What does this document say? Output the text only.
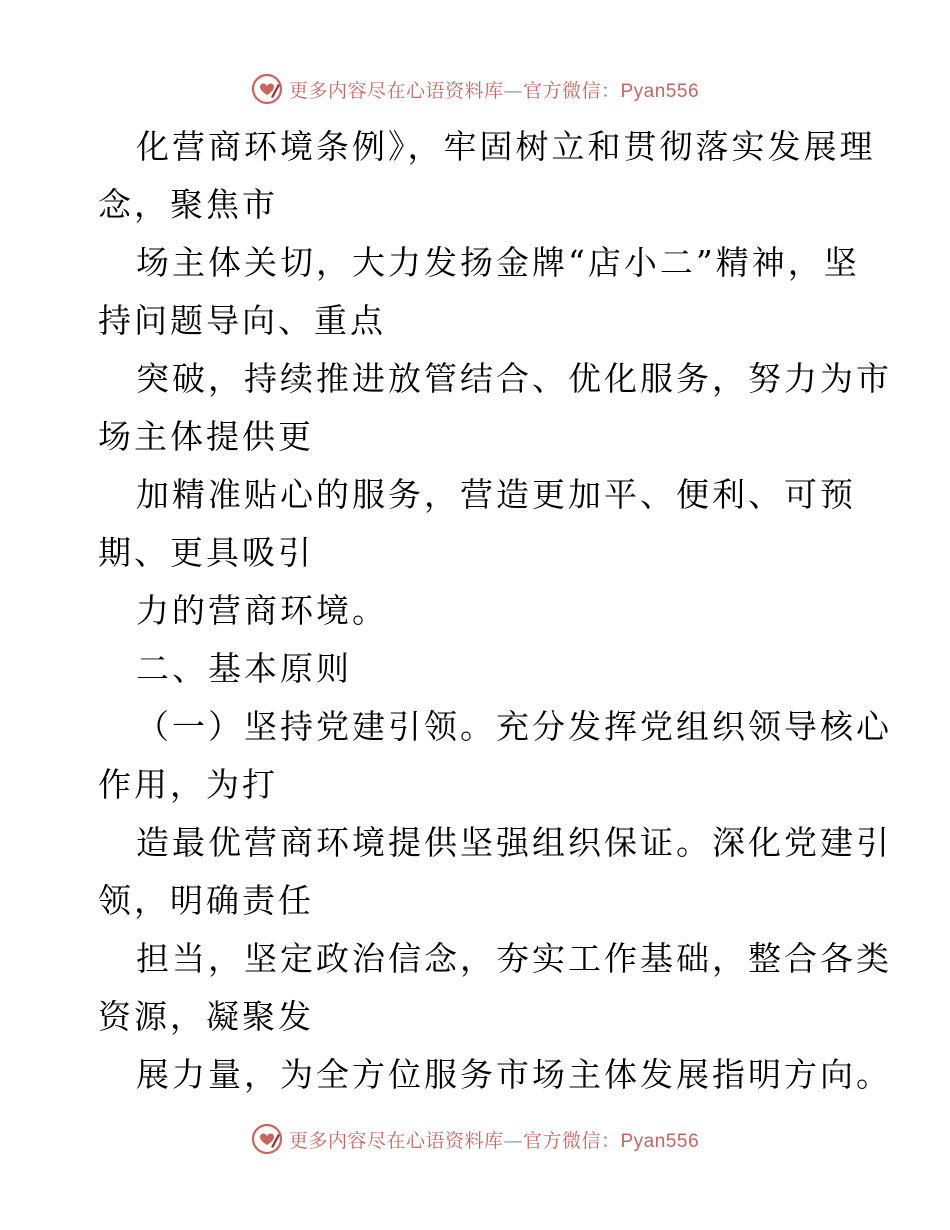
更多内容尽在心语资料库—官方微信：Pyan556
化营商环境条例》，牢固树立和贯彻落实发展理
念，聚焦市
场主体关切，大力发扬金牌“店小二”精神，坚
持问题导向、重点
突破，持续推进放管结合、优化服务，努力为市
场主体提供更
加精准贴心的服务，营造更加平、便利、可预
期、更具吸引
力的营商环境。
二、基本原则
（一）坚持党建引领。充分发挥党组织领导核心
作用，为打
造最优营商环境提供坚强组织保证。深化党建引
领，明确责任
担当，坚定政治信念，夯实工作基础，整合各类
资源，凝聚发
展力量，为全方位服务市场主体发展指明方向。
更多内容尽在心语资料库—官方微信：Pyan556
